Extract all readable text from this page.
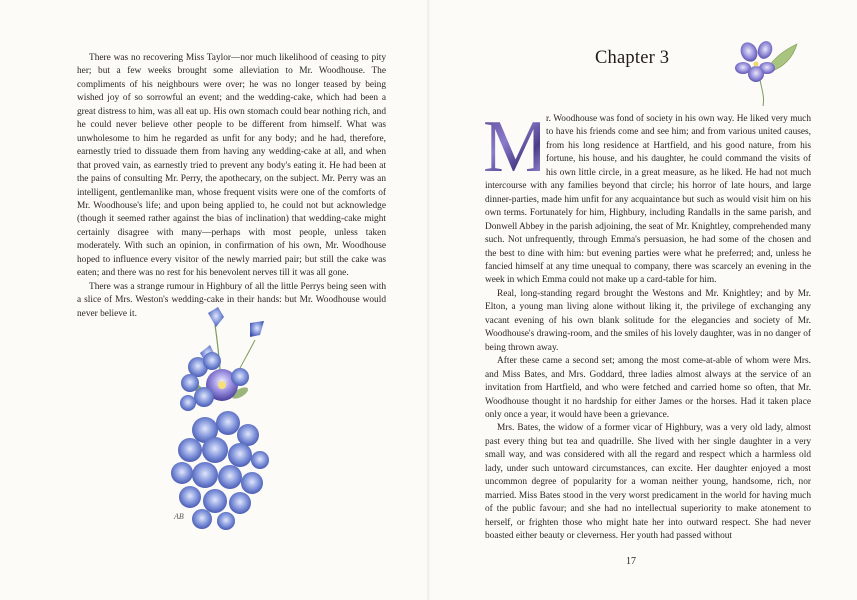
There was no recovering Miss Taylor—nor much likelihood of ceasing to pity her; but a few weeks brought some alleviation to Mr. Woodhouse. The compliments of his neighbours were over; he was no longer teased by being wished joy of so sorrowful an event; and the wedding-cake, which had been a great distress to him, was all eat up. His own stomach could bear nothing rich, and he could never believe other people to be different from himself. What was unwholesome to him he regarded as unfit for any body; and he had, therefore, earnestly tried to dissuade them from having any wedding-cake at all, and when that proved vain, as earnestly tried to prevent any body's eating it. He had been at the pains of consulting Mr. Perry, the apothecary, on the subject. Mr. Perry was an intelligent, gentlemanlike man, whose frequent visits were one of the comforts of Mr. Woodhouse's life; and upon being applied to, he could not but acknowledge (though it seemed rather against the bias of inclination) that wedding-cake might certainly disagree with many—perhaps with most people, unless taken moderately. With such an opinion, in confirmation of his own, Mr. Woodhouse hoped to influence every visitor of the newly married pair; but still the cake was eaten; and there was no rest for his benevolent nerves till it was all gone.

There was a strange rumour in Highbury of all the little Perrys being seen with a slice of Mrs. Weston's wedding-cake in their hands: but Mr. Woodhouse would never believe it.

AB
Chapter 3

M r. Woodhouse was fond of society in his own way. He liked very much to have his friends come and see him; and from various united causes, from his long residence at Hartfield, and his good nature, from his fortune, his house, and his daughter, he could command the visits of his own little circle, in a great measure, as he liked. He had not much intercourse with any families beyond that circle; his horror of late hours, and large dinner-parties, made him unfit for any acquaintance but such as would visit him on his own terms. Fortunately for him, Highbury, including Randalls in the same parish, and Donwell Abbey in the parish adjoining, the seat of Mr. Knightley, comprehended many such. Not unfrequently, through Emma's persuasion, he had some of the chosen and the best to dine with him: but evening parties were what he preferred; and, unless he fancied himself at any time unequal to company, there was scarcely an evening in the week in which Emma could not make up a card-table for him.

Real, long-standing regard brought the Westons and Mr. Knightley; and by Mr. Elton, a young man living alone without liking it, the privilege of exchanging any vacant evening of his own blank solitude for the elegancies and society of Mr. Woodhouse's drawing-room, and the smiles of his lovely daughter, was in no danger of being thrown away.

After these came a second set; among the most come-at-able of whom were Mrs. and Miss Bates, and Mrs. Goddard, three ladies almost always at the service of an invitation from Hartfield, and who were fetched and carried home so often, that Mr. Woodhouse thought it no hardship for either James or the horses. Had it taken place only once a year, it would have been a grievance.

Mrs. Bates, the widow of a former vicar of Highbury, was a very old lady, almost past every thing but tea and quadrille. She lived with her single daughter in a very small way, and was considered with all the regard and respect which a harmless old lady, under such untoward circumstances, can excite. Her daughter enjoyed a most uncommon degree of popularity for a woman neither young, handsome, rich, nor married. Miss Bates stood in the very worst predicament in the world for having much of the public favour; and she had no intellectual superiority to make atonement to herself, or frighten those who might hate her into outward respect. She had never boasted either beauty or cleverness. Her youth had passed without

17
